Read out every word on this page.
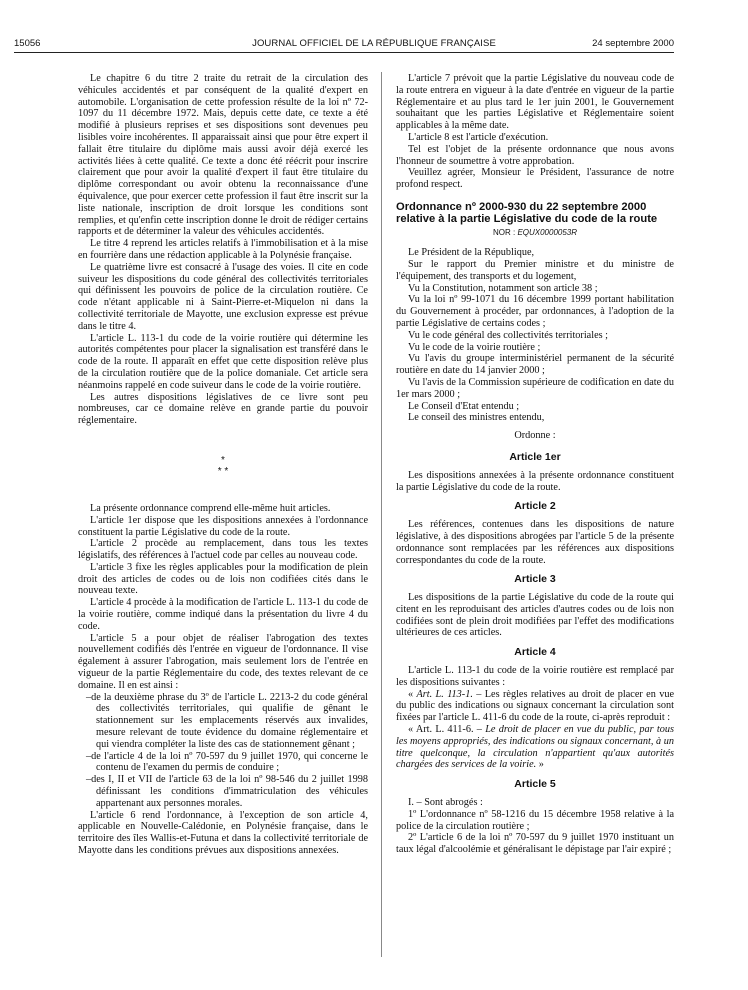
15056	JOURNAL OFFICIEL DE LA RÉPUBLIQUE FRANÇAISE	24 septembre 2000

Le chapitre 6 du titre 2 traite du retrait de la circulation des véhicules accidentés et par conséquent de la qualité d'expert en automobile. L'organisation de cette profession résulte de la loi nº 72-1097 du 11 décembre 1972. Mais, depuis cette date, ce texte a été modifié à plusieurs reprises et ses dispositions sont devenues peu lisibles voire incohérentes. Il apparaissait ainsi que pour être expert il fallait être titulaire du diplôme mais aussi avoir déjà exercé les activités liées à cette qualité. Ce texte a donc été réécrit pour inscrire clairement que pour avoir la qualité d'expert il faut être titulaire du diplôme correspondant ou avoir obtenu la reconnaissance d'une équivalence, que pour exercer cette profession il faut être inscrit sur la liste nationale, inscription de droit lorsque les conditions sont remplies, et qu'enfin cette inscription donne le droit de rédiger certains rapports et de déterminer la valeur des véhicules accidentés.

Le titre 4 reprend les articles relatifs à l'immobilisation et à la mise en fourrière dans une rédaction applicable à la Polynésie française.

Le quatrième livre est consacré à l'usage des voies. Il cite en code suiveur les dispositions du code général des collectivités territoriales qui définissent les pouvoirs de police de la circulation routière. Ce code n'étant applicable ni à Saint-Pierre-et-Miquelon ni dans la collectivité territoriale de Mayotte, une exclusion expresse est prévue dans le titre 4.

L'article L. 113-1 du code de la voirie routière qui détermine les autorités compétentes pour placer la signalisation est transféré dans le code de la route. Il apparaît en effet que cette disposition relève plus de la circulation routière que de la police domaniale. Cet article sera néanmoins rappelé en code suiveur dans le code de la voirie routière.

Les autres dispositions législatives de ce livre sont peu nombreuses, car ce domaine relève en grande partie du pouvoir réglementaire.

*
* *

La présente ordonnance comprend elle-même huit articles.

L'article 1er dispose que les dispositions annexées à l'ordonnance constituent la partie Législative du code de la route.

L'article 2 procède au remplacement, dans tous les textes législatifs, des références à l'actuel code par celles au nouveau code.

L'article 3 fixe les règles applicables pour la modification de plein droit des articles de codes ou de lois non codifiées cités dans le nouveau texte.

L'article 4 procède à la modification de l'article L. 113-1 du code de la voirie routière, comme indiqué dans la présentation du livre 4 du code.

L'article 5 a pour objet de réaliser l'abrogation des textes nouvellement codifiés dès l'entrée en vigueur de l'ordonnance. Il vise également à assurer l'abrogation, mais seulement lors de l'entrée en vigueur de la partie Réglementaire du code, des textes relevant de ce domaine. Il en est ainsi :

– de la deuxième phrase du 3º de l'article L. 2213-2 du code général des collectivités territoriales, qui qualifie de gênant le stationnement sur les emplacements réservés aux invalides, mesure relevant de toute évidence du domaine réglementaire et qui viendra compléter la liste des cas de stationnement gênant ;
– de l'article 4 de la loi nº 70-597 du 9 juillet 1970, qui concerne le contenu de l'examen du permis de conduire ;
– des I, II et VII de l'article 63 de la loi nº 98-546 du 2 juillet 1998 définissant les conditions d'immatriculation des véhicules appartenant aux personnes morales.

L'article 6 rend l'ordonnance, à l'exception de son article 4, applicable en Nouvelle-Calédonie, en Polynésie française, dans le territoire des îles Wallis-et-Futuna et dans la collectivité territoriale de Mayotte dans les conditions prévues aux dispositions annexées.

L'article 7 prévoit que la partie Législative du nouveau code de la route entrera en vigueur à la date d'entrée en vigueur de la partie Réglementaire et au plus tard le 1er juin 2001, le Gouvernement souhaitant que les parties Législative et Réglementaire soient applicables à la même date.

L'article 8 est l'article d'exécution.

Tel est l'objet de la présente ordonnance que nous avons l'honneur de soumettre à votre approbation.

Veuillez agréer, Monsieur le Président, l'assurance de notre profond respect.

Ordonnance nº 2000-930 du 22 septembre 2000 relative à la partie Législative du code de la route
NOR : EQUX0000053R

Le Président de la République,

Sur le rapport du Premier ministre et du ministre de l'équipement, des transports et du logement,

Vu la Constitution, notamment son article 38 ;

Vu la loi nº 99-1071 du 16 décembre 1999 portant habilitation du Gouvernement à procéder, par ordonnances, à l'adoption de la partie Législative de certains codes ;

Vu le code général des collectivités territoriales ;

Vu le code de la voirie routière ;

Vu l'avis du groupe interministériel permanent de la sécurité routière en date du 14 janvier 2000 ;

Vu l'avis de la Commission supérieure de codification en date du 1er mars 2000 ;

Le Conseil d'Etat entendu ;

Le conseil des ministres entendu,

Ordonne :
Article 1er

Les dispositions annexées à la présente ordonnance constituent la partie Législative du code de la route.

Article 2

Les références, contenues dans les dispositions de nature législative, à des dispositions abrogées par l'article 5 de la présente ordonnance sont remplacées par les références aux dispositions correspondantes du code de la route.

Article 3

Les dispositions de la partie Législative du code de la route qui citent en les reproduisant des articles d'autres codes ou de lois non codifiées sont de plein droit modifiées par l'effet des modifications ultérieures de ces articles.

Article 4

L'article L. 113-1 du code de la voirie routière est remplacé par les dispositions suivantes :

« Art. L. 113-1. – Les règles relatives au droit de placer en vue du public des indications ou signaux concernant la circulation sont fixées par l'article L. 411-6 du code de la route, ci-après reproduit :

« Art. L. 411-6. – Le droit de placer en vue du public, par tous les moyens appropriés, des indications ou signaux concernant, à un titre quelconque, la circulation n'appartient qu'aux autorités chargées des services de la voirie. »

Article 5

I. – Sont abrogés :

1º L'ordonnance nº 58-1216 du 15 décembre 1958 relative à la police de la circulation routière ;

2º L'article 6 de la loi nº 70-597 du 9 juillet 1970 instituant un taux légal d'alcoolémie et généralisant le dépistage par l'air expiré ;
